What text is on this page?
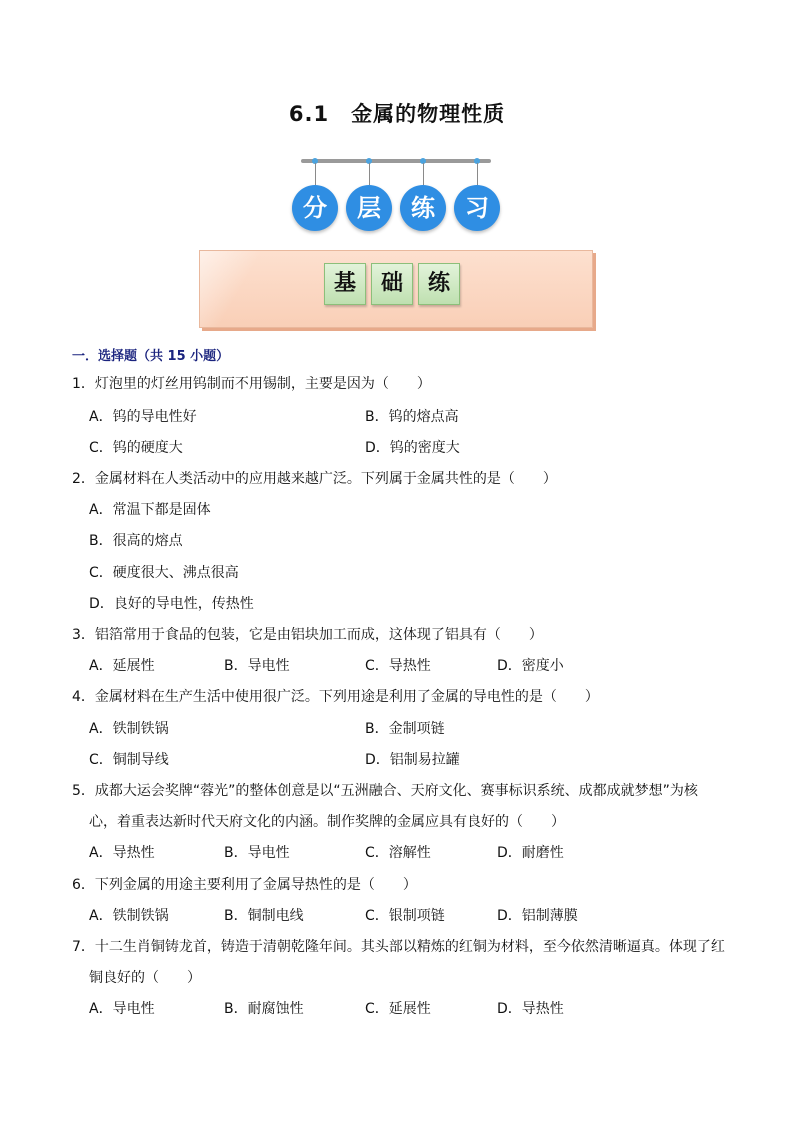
6.1　金属的物理性质
分	层	练	习
基	础	练
一．选择题（共 15 小题）
1．灯泡里的灯丝用钨制而不用锡制，主要是因为（　　）
A．钨的导电性好	B．钨的熔点高
C．钨的硬度大	D．钨的密度大
2．金属材料在人类活动中的应用越来越广泛。下列属于金属共性的是（　　）
A．常温下都是固体
B．很高的熔点
C．硬度很大、沸点很高
D．良好的导电性，传热性
3．铝箔常用于食品的包装，它是由铝块加工而成，这体现了铝具有（　　）
A．延展性	B．导电性	C．导热性	D．密度小
4．金属材料在生产生活中使用很广泛。下列用途是利用了金属的导电性的是（　　）
A．铁制铁锅	B．金制项链
C．铜制导线	D．铝制易拉罐
5．成都大运会奖牌“蓉光”的整体创意是以“五洲融合、天府文化、赛事标识系统、成都成就梦想”为核
心，着重表达新时代天府文化的内涵。制作奖牌的金属应具有良好的（　　）
A．导热性	B．导电性	C．溶解性	D．耐磨性
6．下列金属的用途主要利用了金属导热性的是（　　）
A．铁制铁锅	B．铜制电线	C．银制项链	D．铝制薄膜
7．十二生肖铜铸龙首，铸造于清朝乾隆年间。其头部以精炼的红铜为材料，至今依然清晰逼真。体现了红
铜良好的（　　）
A．导电性	B．耐腐蚀性	C．延展性	D．导热性
